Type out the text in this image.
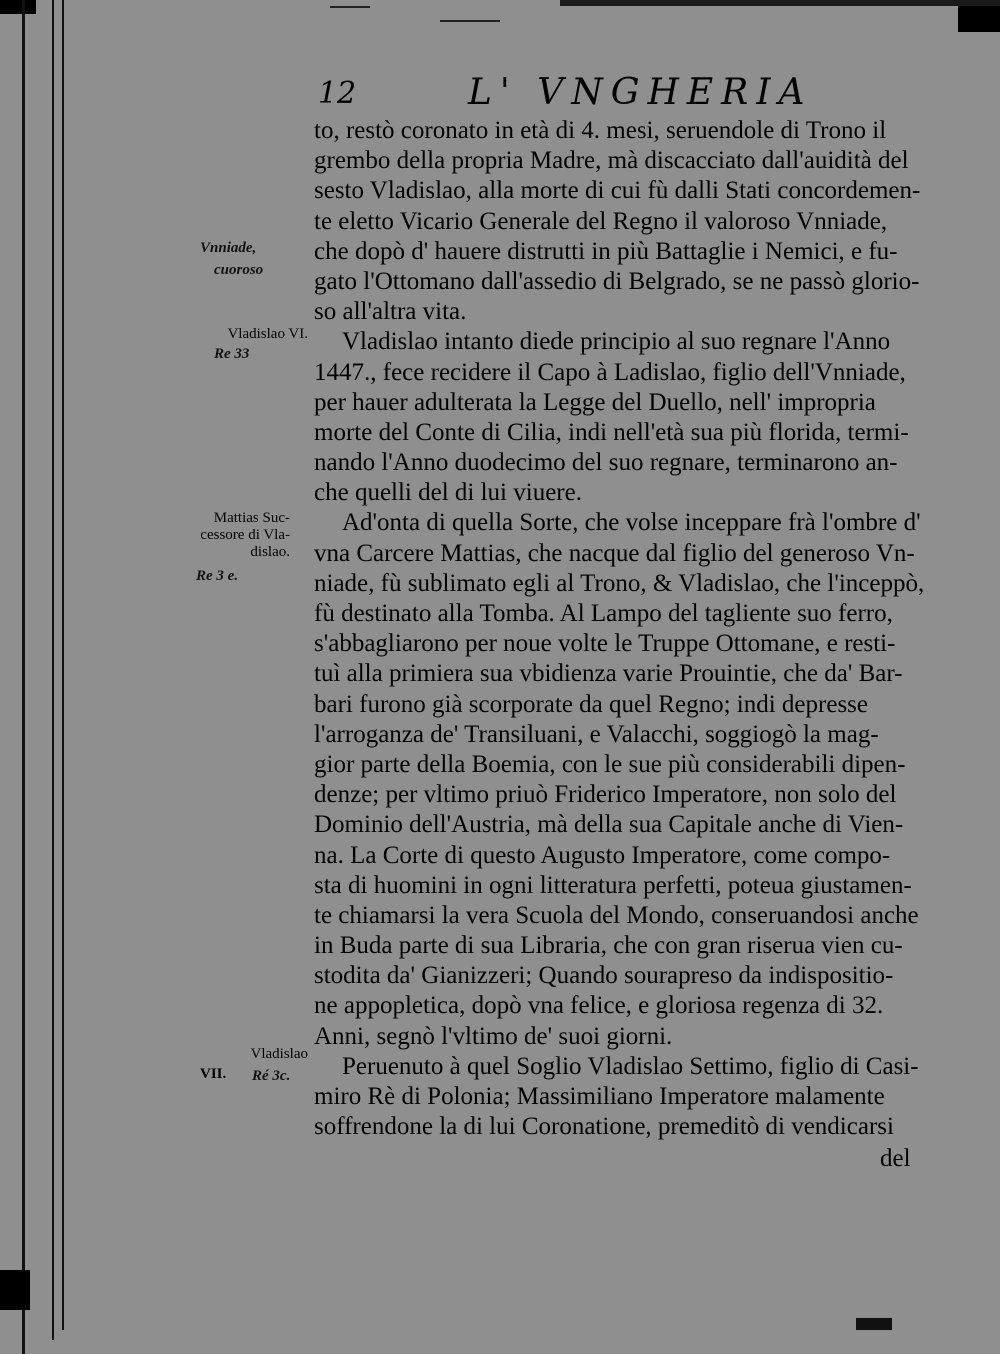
12	L' VNGHERIA
to, restò coronato in età di 4. mesi, seruendole di Trono il
grembo della propria Madre, mà discacciato dall'auidità del
sesto Vladislao, alla morte di cui fù dalli Stati concordemen-
te eletto Vicario Generale del Regno il valoroso Vnniade,
che dopò d' hauere distrutti in più Battaglie i Nemici, e fu-
gato l'Ottomano dall'assedio di Belgrado, se ne passò glorio-
so all'altra vita.
Vladislao intanto diede principio al suo regnare l'Anno
1447., fece recidere il Capo à Ladislao, figlio dell'Vnniade,
per hauer adulterata la Legge del Duello, nell' impropria
morte del Conte di Cilia, indi nell'età sua più florida, termi-
nando l'Anno duodecimo del suo regnare, terminarono an-
che quelli del di lui viuere.
Ad'onta di quella Sorte, che volse inceppare frà l'ombre d'
vna Carcere Mattias, che nacque dal figlio del generoso Vn-
niade, fù sublimato egli al Trono, & Vladislao, che l'inceppò,
fù destinato alla Tomba. Al Lampo del tagliente suo ferro,
s'abbagliarono per noue volte le Truppe Ottomane, e resti-
tuì alla primiera sua vbidienza varie Prouintie, che da' Bar-
bari furono già scorporate da quel Regno; indi depresse
l'arroganza de' Transiluani, e Valacchi, soggiogò la mag-
gior parte della Boemia, con le sue più considerabili dipen-
denze; per vltimo priuò Friderico Imperatore, non solo del
Dominio dell'Austria, mà della sua Capitale anche di Vien-
na. La Corte di questo Augusto Imperatore, come compo-
sta di huomini in ogni litteratura perfetti, poteua giustamen-
te chiamarsi la vera Scuola del Mondo, conseruandosi anche
in Buda parte di sua Libraria, che con gran riserua vien cu-
stodita da' Gianizzeri; Quando sourapreso da indispositio-
ne appopletica, dopò vna felice, e gloriosa regenza di 32.
Anni, segnò l'vltimo de' suoi giorni.
Peruenuto à quel Soglio Vladislao Settimo, figlio di Casi-
miro Rè di Polonia; Massimiliano Imperatore malamente
soffrendone la di lui Coronatione, premeditò di vendicarsi
del
Vladislao VI.
Mattias Suc-cessore di Vla-dislao.
Vladislao
VII.
Vnniade,
cuoroso
Re 33
Re 3 e.
Ré 3c.
